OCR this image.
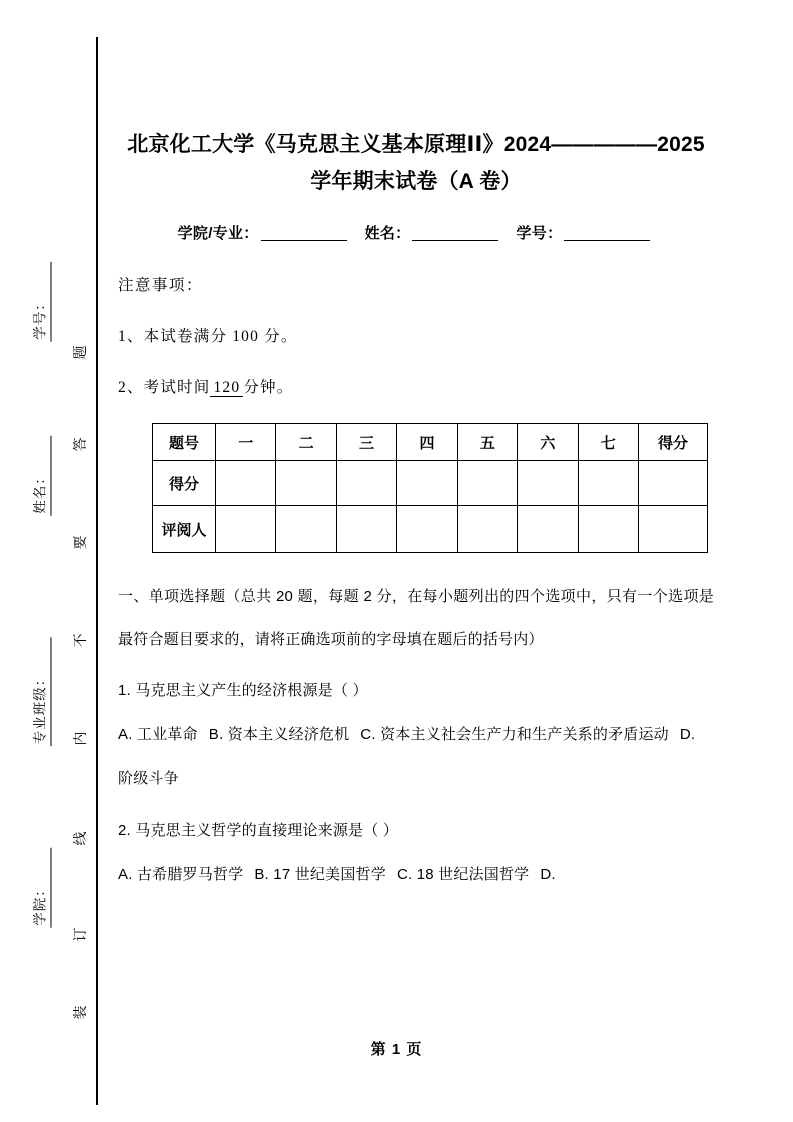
学号：
姓名：
专业班级：
学院：
题
答
要
不
内
线
订
装
北京化工大学《马克思主义基本原理ⅠⅠ》2024—————2025 学年期末试卷（A 卷）
学院/专业：	姓名：	学号：

注意事项：

1、本试卷满分 100 分。

2、考试时间 120 分钟。

题号	一	二	三	四	五	六	七	得分
得分								
评阅人								

一、单项选择题（总共 20 题，每题 2 分，在每小题列出的四个选项中，只有一个选项是最符合题目要求的，请将正确选项前的字母填在题后的括号内）

1. 马克思主义产生的经济根源是（ ）

A. 工业革命 B. 资本主义经济危机 C. 资本主义社会生产力和生产关系的矛盾运动 D. 阶级斗争

2. 马克思主义哲学的直接理论来源是（ ）

A. 古希腊罗马哲学 B. 17 世纪美国哲学 C. 18 世纪法国哲学 D.

第 1 页
